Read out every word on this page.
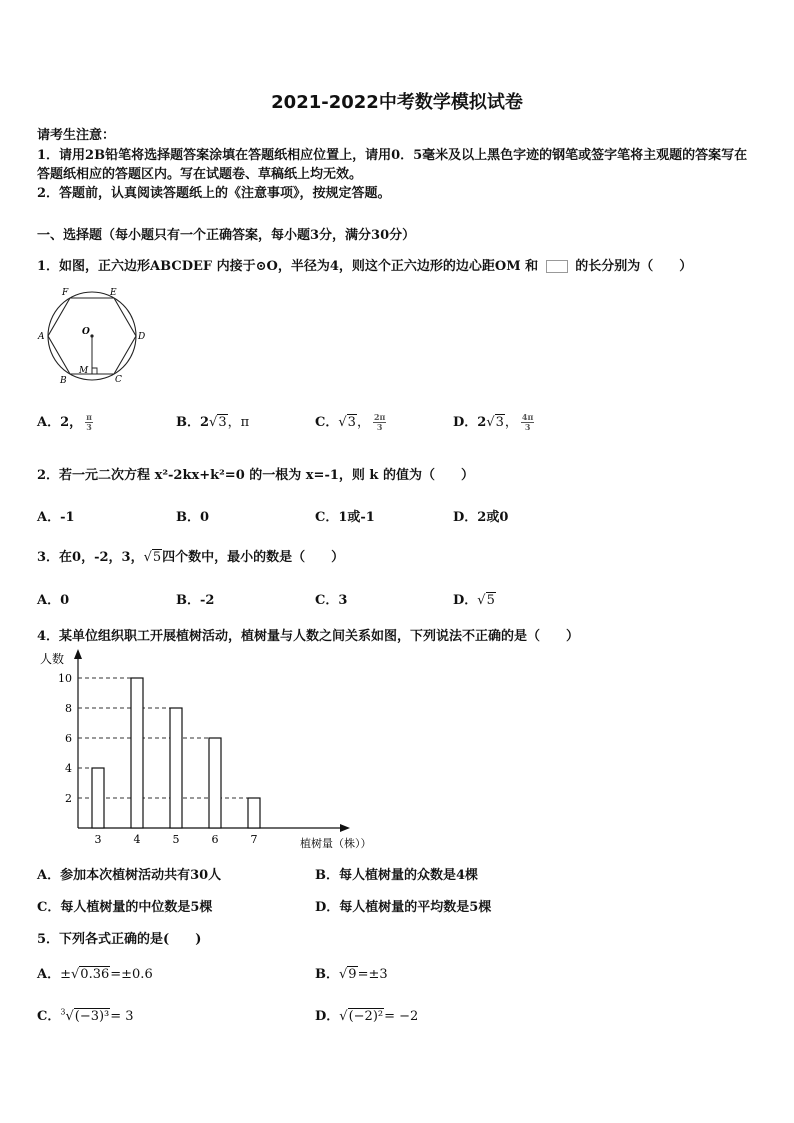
2021-2022中考数学模拟试卷
请考生注意：
1．请用2B铅笔将选择题答案涂填在答题纸相应位置上，请用0．5毫米及以上黑色字迹的钢笔或签字笔将主观题的答案写在答题纸相应的答题区内。写在试题卷、草稿纸上均无效。
2．答题前，认真阅读答题纸上的《注意事项》，按规定答题。
一、选择题（每小题只有一个正确答案，每小题3分，满分30分）
1．如图，正六边形ABCDEF 内接于⊙O，半径为4，则这个正六边形的边心距OM 和	的长分别为（　　）
F	E
A	D
B	C
O
M
A．2， $\frac{\pi}{3}$	B．2√3，π	C．√3， $\frac{2\pi}{3}$	D．2√3， $\frac{4\pi}{3}$
2．若一元二次方程 x²-2kx+k²=0 的一根为 x=-1，则 k 的值为（　　）
A．-1	B．0	C．1或-1	D．2或0
3．在0，-2，3，√5四个数中，最小的数是（　　）
A．0	B．-2	C．3	D．√5
4．某单位组织职工开展植树活动，植树量与人数之间关系如图，下列说法不正确的是（　　）
3	4	5	6	7
2
4
6
8
10
人数
植树量（株））
A．参加本次植树活动共有30人	B．每人植树量的众数是4棵
C．每人植树量的中位数是5棵	D．每人植树量的平均数是5棵
5．下列各式正确的是(　　)
A．±√0.36=±0.6	B．√9=±3
C．$^3$√(−3)³= 3	D．√(−2)²= −2
